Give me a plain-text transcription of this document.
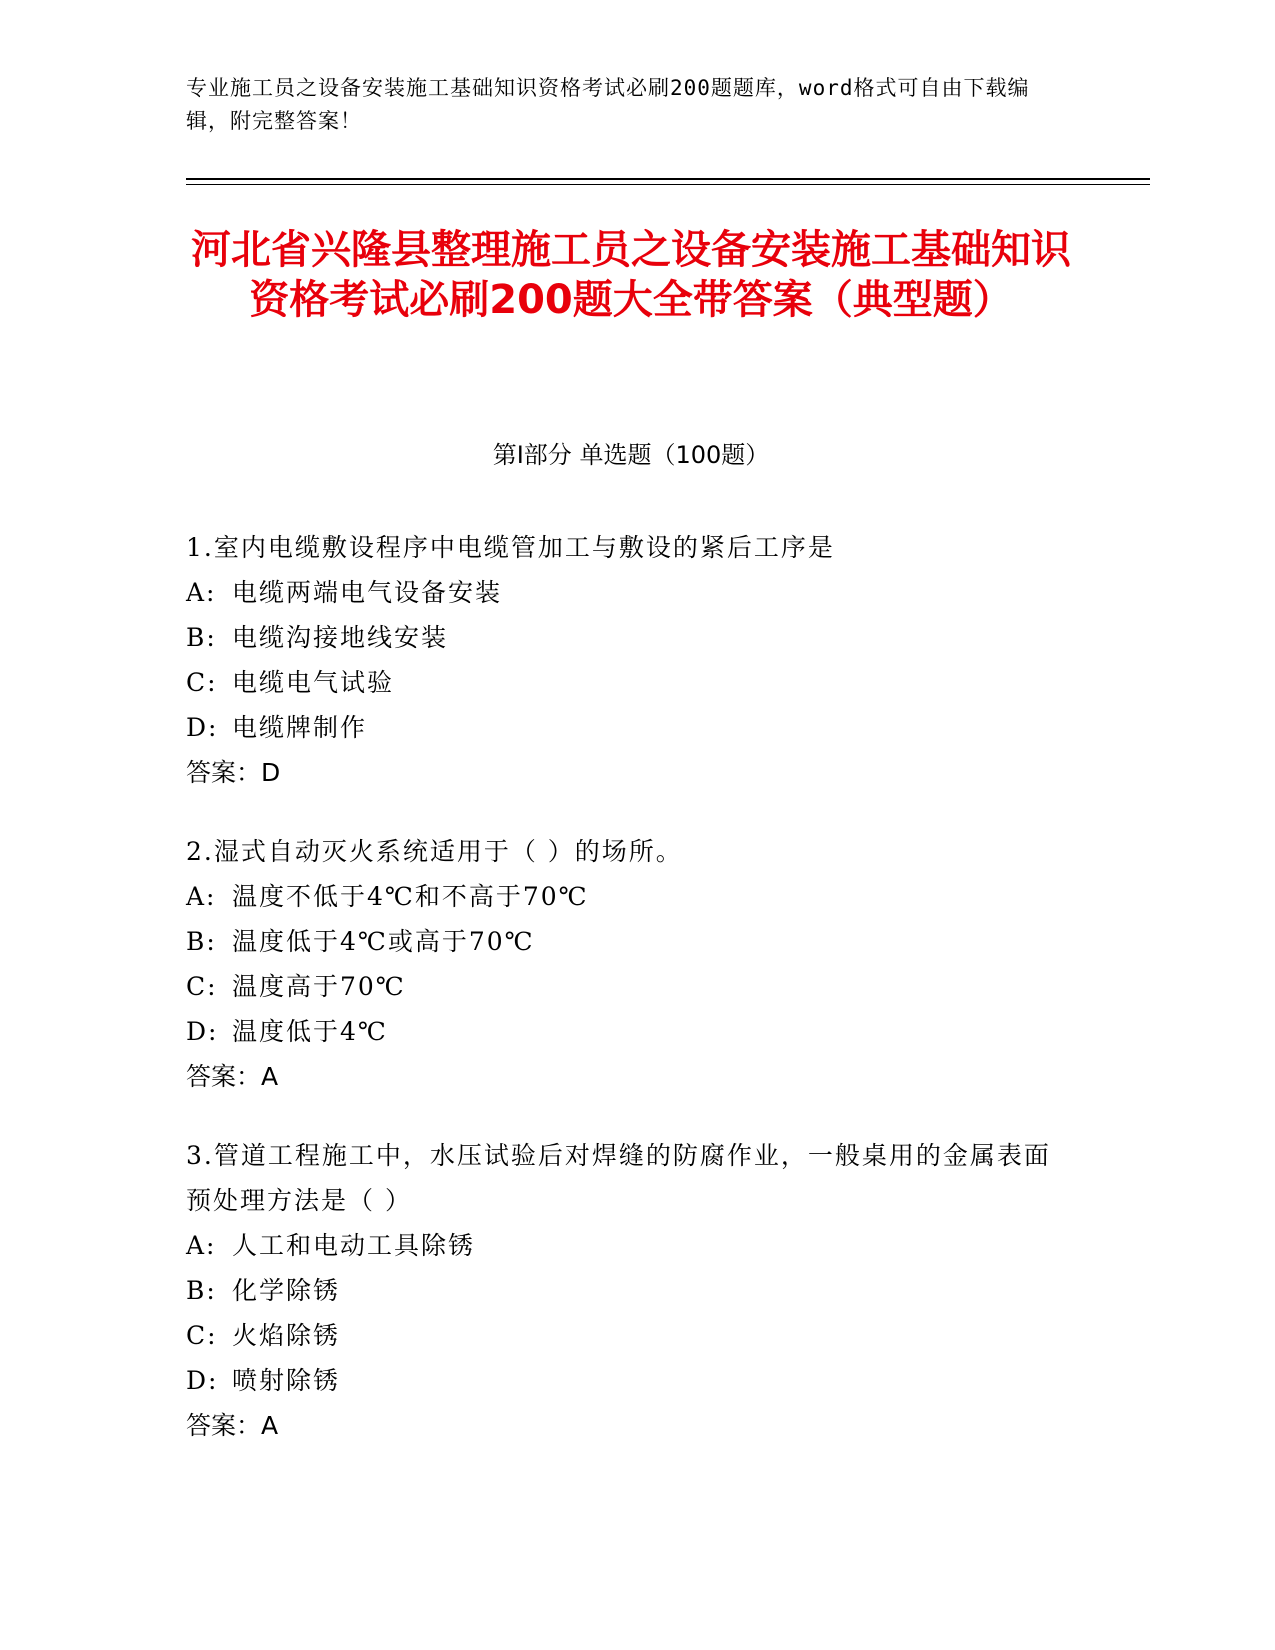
专业施工员之设备安装施工基础知识资格考试必刷200题题库，word格式可自由下载编辑，附完整答案！
河北省兴隆县整理施工员之设备安装施工基础知识资格考试必刷200题大全带答案（典型题）
第Ⅰ部分 单选题（100题）
1.室内电缆敷设程序中电缆管加工与敷设的紧后工序是
A: 电缆两端电气设备安装
B: 电缆沟接地线安装
C: 电缆电气试验
D: 电缆牌制作
答案：D
2.湿式自动灭火系统适用于（ ）的场所。
A: 温度不低于4℃和不高于70℃
B: 温度低于4℃或高于70℃
C: 温度高于70℃
D: 温度低于4℃
答案：A
3.管道工程施工中，水压试验后对焊缝的防腐作业，一般桌用的金属表面预处理方法是（ ）
A: 人工和电动工具除锈
B: 化学除锈
C: 火焰除锈
D: 喷射除锈
答案：A
